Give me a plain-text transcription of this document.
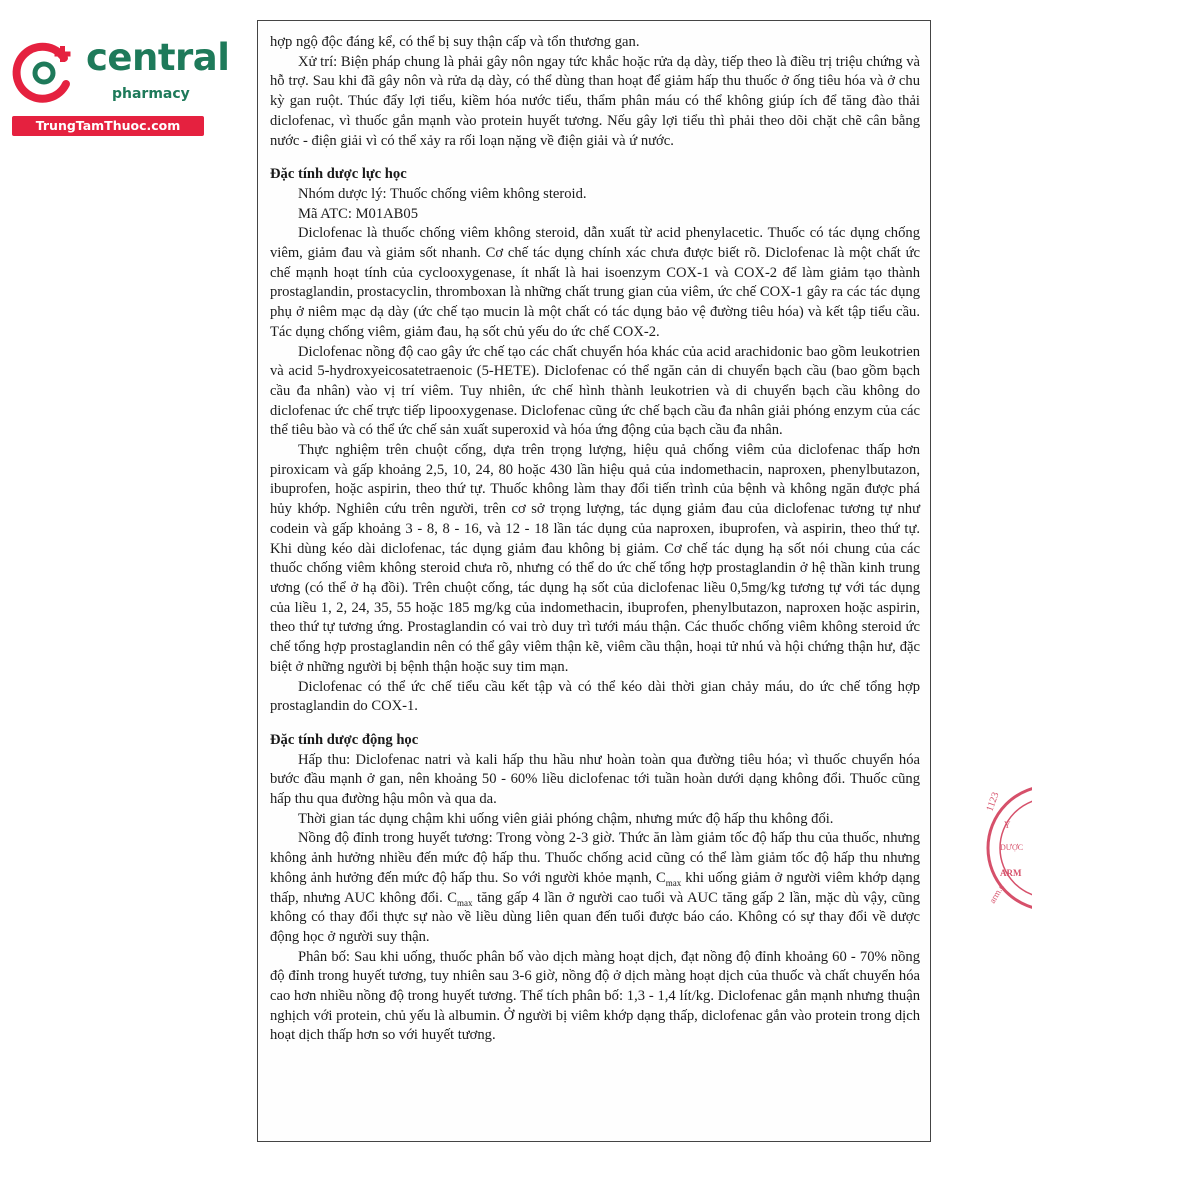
central
pharmacy
TrungTamThuoc.com

hợp ngộ độc đáng kể, có thể bị suy thận cấp và tổn thương gan.

Xử trí: Biện pháp chung là phải gây nôn ngay tức khắc hoặc rửa dạ dày, tiếp theo là điều trị triệu chứng và hỗ trợ. Sau khi đã gây nôn và rửa dạ dày, có thể dùng than hoạt để giảm hấp thu thuốc ở ống tiêu hóa và ở chu kỳ gan ruột. Thúc đẩy lợi tiểu, kiềm hóa nước tiểu, thẩm phân máu có thể không giúp ích để tăng đào thải diclofenac, vì thuốc gắn mạnh vào protein huyết tương. Nếu gây lợi tiểu thì phải theo dõi chặt chẽ cân bằng nước - điện giải vì có thể xảy ra rối loạn nặng về điện giải và ứ nước.

Đặc tính dược lực học

Nhóm dược lý: Thuốc chống viêm không steroid.

Mã ATC: M01AB05

Diclofenac là thuốc chống viêm không steroid, dẫn xuất từ acid phenylacetic. Thuốc có tác dụng chống viêm, giảm đau và giảm sốt nhanh. Cơ chế tác dụng chính xác chưa được biết rõ. Diclofenac là một chất ức chế mạnh hoạt tính của cyclooxygenase, ít nhất là hai isoenzym COX-1 và COX-2 để làm giảm tạo thành prostaglandin, prostacyclin, thromboxan là những chất trung gian của viêm, ức chế COX-1 gây ra các tác dụng phụ ở niêm mạc dạ dày (ức chế tạo mucin là một chất có tác dụng bảo vệ đường tiêu hóa) và kết tập tiểu cầu. Tác dụng chống viêm, giảm đau, hạ sốt chủ yếu do ức chế COX-2.

Diclofenac nồng độ cao gây ức chế tạo các chất chuyển hóa khác của acid arachidonic bao gồm leukotrien và acid 5-hydroxyeicosatetraenoic (5-HETE). Diclofenac có thể ngăn cản di chuyển bạch cầu (bao gồm bạch cầu đa nhân) vào vị trí viêm. Tuy nhiên, ức chế hình thành leukotrien và di chuyển bạch cầu không do diclofenac ức chế trực tiếp lipooxygenase. Diclofenac cũng ức chế bạch cầu đa nhân giải phóng enzym của các thể tiêu bào và có thể ức chế sản xuất superoxid và hóa ứng động của bạch cầu đa nhân.

Thực nghiệm trên chuột cống, dựa trên trọng lượng, hiệu quả chống viêm của diclofenac thấp hơn piroxicam và gấp khoảng 2,5, 10, 24, 80 hoặc 430 lần hiệu quả của indomethacin, naproxen, phenylbutazon, ibuprofen, hoặc aspirin, theo thứ tự. Thuốc không làm thay đổi tiến trình của bệnh và không ngăn được phá hủy khớp. Nghiên cứu trên người, trên cơ sở trọng lượng, tác dụng giảm đau của diclofenac tương tự như codein và gấp khoảng 3 - 8, 8 - 16, và 12 - 18 lần tác dụng của naproxen, ibuprofen, và aspirin, theo thứ tự. Khi dùng kéo dài diclofenac, tác dụng giảm đau không bị giảm. Cơ chế tác dụng hạ sốt nói chung của các thuốc chống viêm không steroid chưa rõ, nhưng có thể do ức chế tổng hợp prostaglandin ở hệ thần kinh trung ương (có thể ở hạ đồi). Trên chuột cống, tác dụng hạ sốt của diclofenac liều 0,5mg/kg tương tự với tác dụng của liều 1, 2, 24, 35, 55 hoặc 185 mg/kg của indomethacin, ibuprofen, phenylbutazon, naproxen hoặc aspirin, theo thứ tự tương ứng. Prostaglandin có vai trò duy trì tưới máu thận. Các thuốc chống viêm không steroid ức chế tổng hợp prostaglandin nên có thể gây viêm thận kẽ, viêm cầu thận, hoại tử nhú và hội chứng thận hư, đặc biệt ở những người bị bệnh thận hoặc suy tim mạn.

Diclofenac có thể ức chế tiểu cầu kết tập và có thể kéo dài thời gian chảy máu, do ức chế tổng hợp prostaglandin do COX-1.

Đặc tính dược động học

Hấp thu: Diclofenac natri và kali hấp thu hầu như hoàn toàn qua đường tiêu hóa; vì thuốc chuyển hóa bước đầu mạnh ở gan, nên khoảng 50 - 60% liều diclofenac tới tuần hoàn dưới dạng không đổi. Thuốc cũng hấp thu qua đường hậu môn và qua da.

Thời gian tác dụng chậm khi uống viên giải phóng chậm, nhưng mức độ hấp thu không đổi.

Nồng độ đỉnh trong huyết tương: Trong vòng 2-3 giờ. Thức ăn làm giảm tốc độ hấp thu của thuốc, nhưng không ảnh hưởng nhiều đến mức độ hấp thu. Thuốc chống acid cũng có thể làm giảm tốc độ hấp thu nhưng không ảnh hưởng đến mức độ hấp thu. So với người khỏe mạnh, $C_{max}$ khi uống giảm ở người viêm khớp dạng thấp, nhưng AUC không đổi. $C_{max}$ tăng gấp 4 lần ở người cao tuổi và AUC tăng gấp 2 lần, mặc dù vậy, cũng không có thay đổi thực sự nào về liều dùng liên quan đến tuổi được báo cáo. Không có sự thay đổi về dược động học ở người suy thận.

Phân bố: Sau khi uống, thuốc phân bố vào dịch màng hoạt dịch, đạt nồng độ đỉnh khoảng 60 - 70% nồng độ đỉnh trong huyết tương, tuy nhiên sau 3-6 giờ, nồng độ ở dịch màng hoạt dịch của thuốc và chất chuyển hóa cao hơn nhiều nồng độ trong huyết tương. Thể tích phân bố: 1,3 - 1,4 lít/kg. Diclofenac gắn mạnh nhưng thuận nghịch với protein, chủ yếu là albumin. Ở người bị viêm khớp dạng thấp, diclofenac gắn vào protein trong dịch hoạt dịch thấp hơn so với huyết tương.

1123
Y
DƯỢC
ARM
arm.c
